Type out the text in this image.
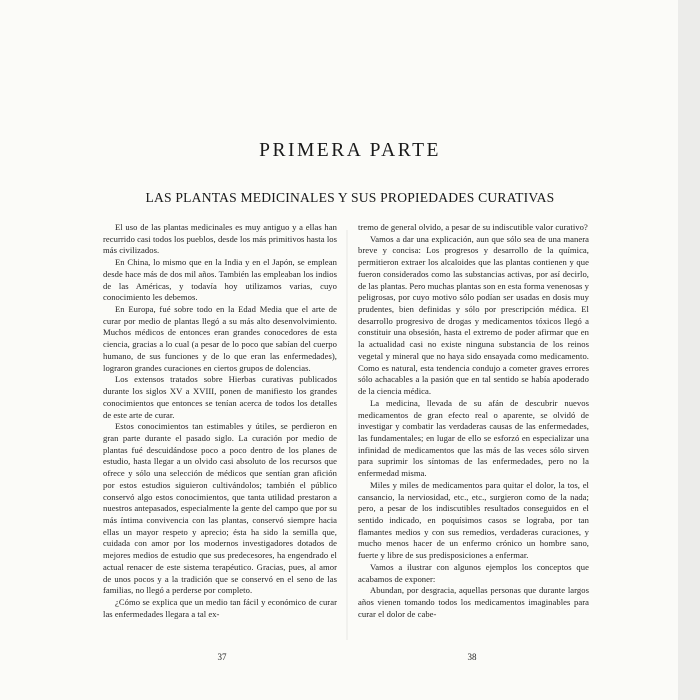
PRIMERA PARTE
LAS PLANTAS MEDICINALES Y SUS PROPIEDADES CURATIVAS

El uso de las plantas medicinales es muy antiguo y a ellas han recurrido casi todos los pueblos, desde los más primitivos hasta los más civilizados.

En China, lo mismo que en la India y en el Japón, se emplean desde hace más de dos mil años. También las empleaban los indios de las Américas, y todavía hoy utilizamos varias, cuyo conocimiento les debemos.

En Europa, fué sobre todo en la Edad Media que el arte de curar por medio de plantas llegó a su más alto desenvolvimiento. Muchos médicos de entonces eran grandes conocedores de esta ciencia, gracias a lo cual (a pesar de lo poco que sabían del cuerpo humano, de sus funciones y de lo que eran las enfermedades), lograron grandes curaciones en ciertos grupos de dolencias.

Los extensos tratados sobre Hierbas curativas publicados durante los siglos XV a XVIII, ponen de manifiesto los grandes conocimientos que entonces se tenían acerca de todos los detalles de este arte de curar.

Estos conocimientos tan estimables y útiles, se perdieron en gran parte durante el pasado siglo. La curación por medio de plantas fué descuidándose poco a poco dentro de los planes de estudio, hasta llegar a un olvido casi absoluto de los recursos que ofrece y sólo una selección de médicos que sentían gran afición por estos estudios siguieron cultivándolos; también el público conservó algo estos conocimientos, que tanta utilidad prestaron a nuestros antepasados, especialmente la gente del campo que por su más íntima convivencia con las plantas, conservó siempre hacia ellas un mayor respeto y aprecio; ésta ha sido la semilla que, cuidada con amor por los modernos investigadores dotados de mejores medios de estudio que sus predecesores, ha engendrado el actual renacer de este sistema terapéutico. Gracias, pues, al amor de unos pocos y a la tradición que se conservó en el seno de las familias, no llegó a perderse por completo.

¿Cómo se explica que un medio tan fácil y económico de curar las enfermedades llegara a tal ex-

tremo de general olvido, a pesar de su indiscutible valor curativo?

Vamos a dar una explicación, aun que sólo sea de una manera breve y concisa: Los progresos y desarrollo de la química, permitieron extraer los alcaloides que las plantas contienen y que fueron considerados como las substancias activas, por así decirlo, de las plantas. Pero muchas plantas son en esta forma venenosas y peligrosas, por cuyo motivo sólo podían ser usadas en dosis muy prudentes, bien definidas y sólo por prescripción médica. El desarrollo progresivo de drogas y medicamentos tóxicos llegó a constituir una obsesión, hasta el extremo de poder afirmar que en la actualidad casi no existe ninguna substancia de los reinos vegetal y mineral que no haya sido ensayada como medicamento. Como es natural, esta tendencia condujo a cometer graves errores sólo achacables a la pasión que en tal sentido se había apoderado de la ciencia médica.

La medicina, llevada de su afán de descubrir nuevos medicamentos de gran efecto real o aparente, se olvidó de investigar y combatir las verdaderas causas de las enfermedades, las fundamentales; en lugar de ello se esforzó en especializar una infinidad de medicamentos que las más de las veces sólo sirven para suprimir los síntomas de las enfermedades, pero no la enfermedad misma.

Miles y miles de medicamentos para quitar el dolor, la tos, el cansancio, la nerviosidad, etc., etc., surgieron como de la nada; pero, a pesar de los indiscutibles resultados conseguidos en el sentido indicado, en poquísimos casos se lograba, por tan flamantes medios y con sus remedios, verdaderas curaciones, y mucho menos hacer de un enfermo crónico un hombre sano, fuerte y libre de sus predisposiciones a enfermar.

Vamos a ilustrar con algunos ejemplos los conceptos que acabamos de exponer:

Abundan, por desgracia, aquellas personas que durante largos años vienen tomando todos los medicamentos imaginables para curar el dolor de cabe-

37	38
